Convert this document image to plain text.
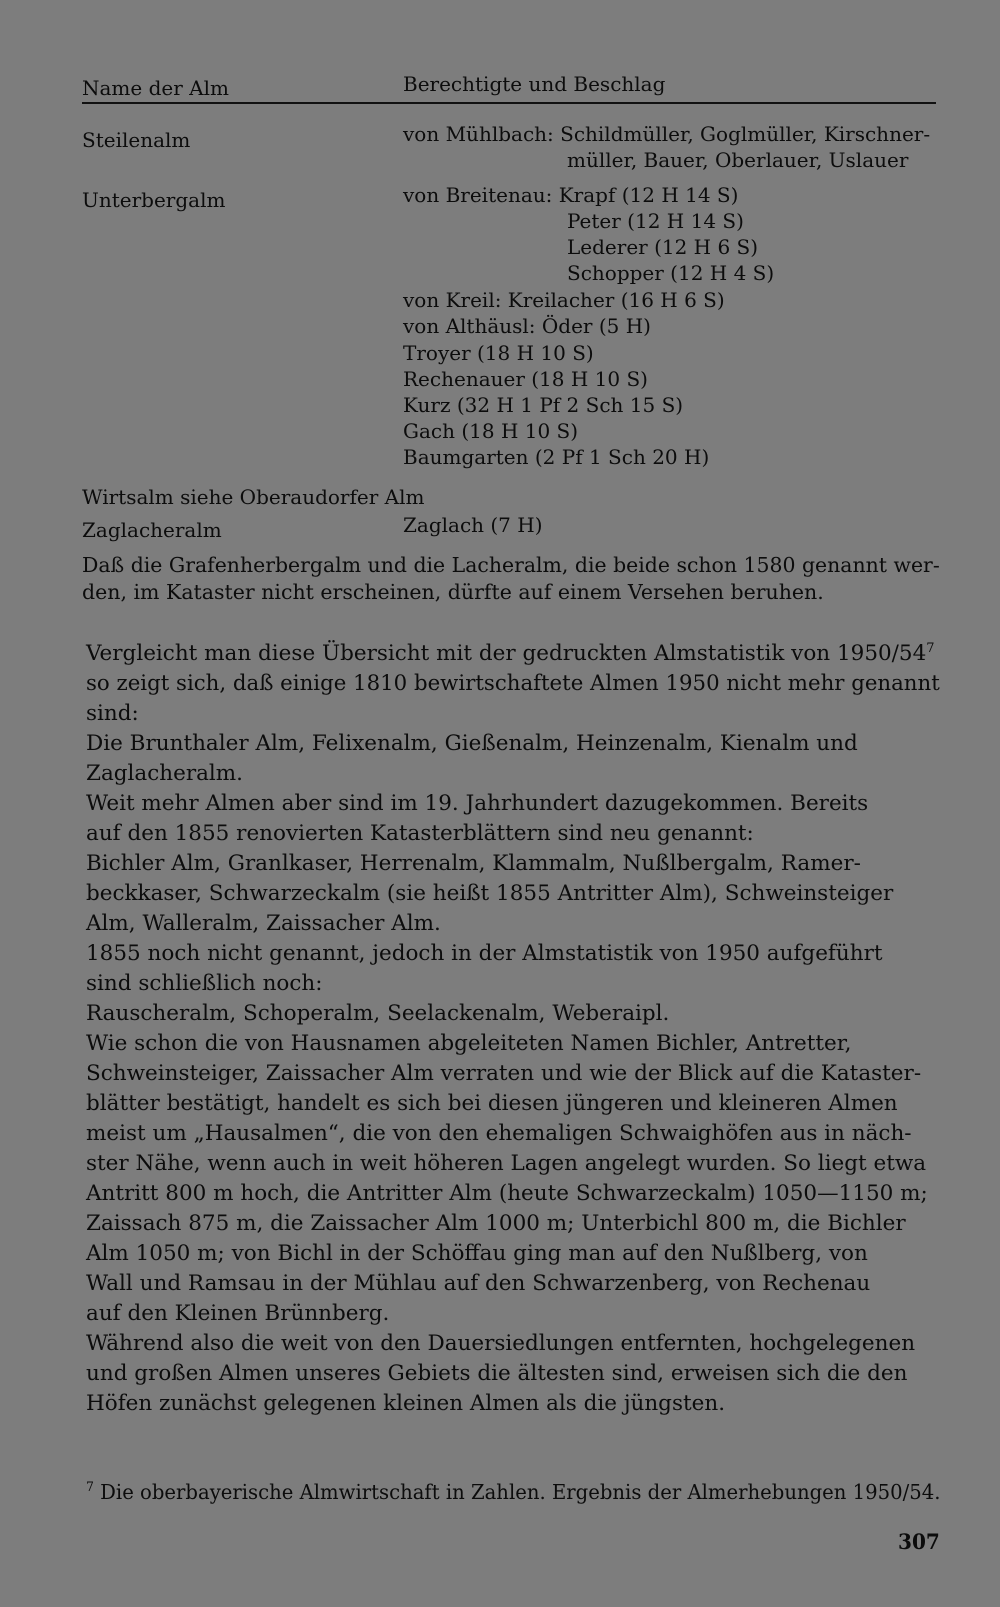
Name der Alm	Berechtigte und Beschlag
Steilenalm	von Mühlbach: Schildmüller, Goglmüller, Kirschner-
müller, Bauer, Oberlauer, Uslauer
Unterbergalm	von Breitenau: Krapf (12 H 14 S)
Peter (12 H 14 S)
Lederer (12 H 6 S)
Schopper (12 H 4 S)
von Kreil: Kreilacher (16 H 6 S)
von Althäusl: Öder (5 H)
Troyer (18 H 10 S)
Rechenauer (18 H 10 S)
Kurz (32 H 1 Pf 2 Sch 15 S)
Gach (18 H 10 S)
Baumgarten (2 Pf 1 Sch 20 H)
Wirtsalm siehe Oberaudorfer Alm
Zaglacheralm	Zaglach (7 H)
Daß die Grafenherbergalm und die Lacheralm, die beide schon 1580 genannt wer-
den, im Kataster nicht erscheinen, dürfte auf einem Versehen beruhen.
Vergleicht man diese Übersicht mit der gedruckten Almstatistik von 1950/54$^7$
so zeigt sich, daß einige 1810 bewirtschaftete Almen 1950 nicht mehr genannt
sind:
Die Brunthaler Alm, Felixenalm, Gießenalm, Heinzenalm, Kienalm und
Zaglacheralm.
Weit mehr Almen aber sind im 19. Jahrhundert dazugekommen. Bereits
auf den 1855 renovierten Katasterblättern sind neu genannt:
Bichler Alm, Granlkaser, Herrenalm, Klammalm, Nußlbergalm, Ramer-
beckkaser, Schwarzeckalm (sie heißt 1855 Antritter Alm), Schweinsteiger
Alm, Walleralm, Zaissacher Alm.
1855 noch nicht genannt, jedoch in der Almstatistik von 1950 aufgeführt
sind schließlich noch:
Rauscheralm, Schoperalm, Seelackenalm, Weberaipl.
Wie schon die von Hausnamen abgeleiteten Namen Bichler, Antretter,
Schweinsteiger, Zaissacher Alm verraten und wie der Blick auf die Kataster-
blätter bestätigt, handelt es sich bei diesen jüngeren und kleineren Almen
meist um „Hausalmen“, die von den ehemaligen Schwaighöfen aus in näch-
ster Nähe, wenn auch in weit höheren Lagen angelegt wurden. So liegt etwa
Antritt 800 m hoch, die Antritter Alm (heute Schwarzeckalm) 1050—1150 m;
Zaissach 875 m, die Zaissacher Alm 1000 m; Unterbichl 800 m, die Bichler
Alm 1050 m; von Bichl in der Schöffau ging man auf den Nußlberg, von
Wall und Ramsau in der Mühlau auf den Schwarzenberg, von Rechenau
auf den Kleinen Brünnberg.
Während also die weit von den Dauersiedlungen entfernten, hochgelegenen
und großen Almen unseres Gebiets die ältesten sind, erweisen sich die den
Höfen zunächst gelegenen kleinen Almen als die jüngsten.
$^7$ Die oberbayerische Almwirtschaft in Zahlen. Ergebnis der Almerhebungen 1950/54.
307
